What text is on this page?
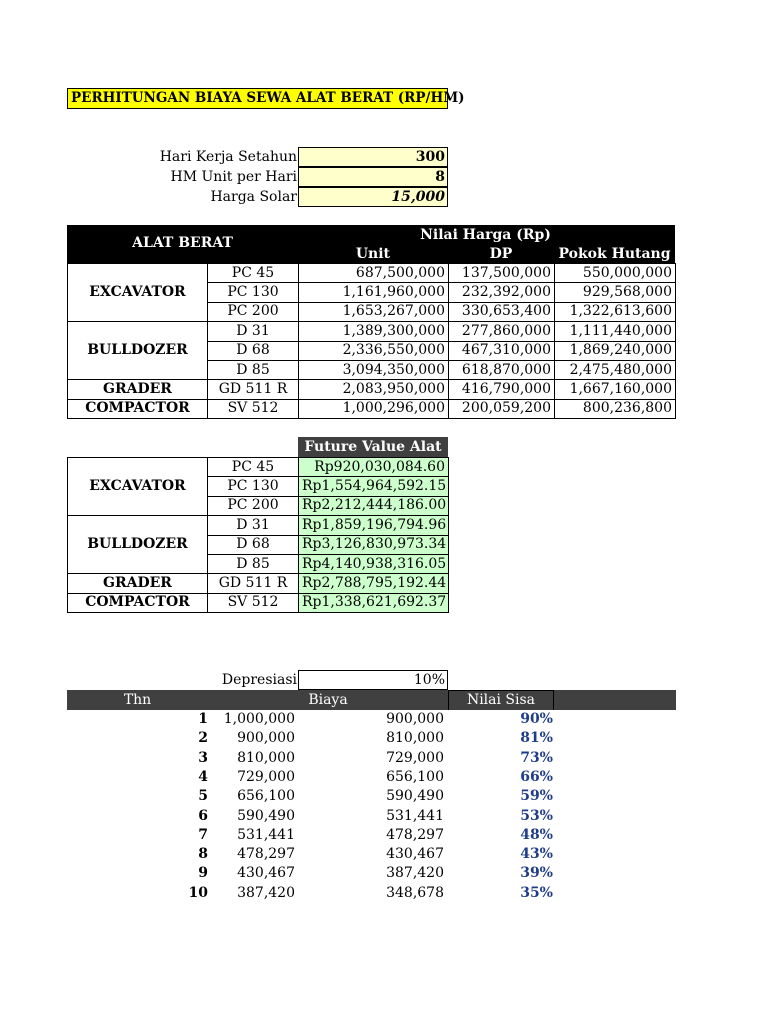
PERHITUNGAN BIAYA SEWA ALAT BERAT (RP/HM)
Hari Kerja Setahun	300
HM Unit per Hari	8
Harga Solar	15,000
ALAT BERAT	Nilai Harga (Rp)
Unit	DP	Pokok Hutang
EXCAVATOR	PC 45	687,500,000	137,500,000	550,000,000
	PC 130	1,161,960,000	232,392,000	929,568,000
	PC 200	1,653,267,000	330,653,400	1,322,613,600
BULLDOZER	D 31	1,389,300,000	277,860,000	1,111,440,000
	D 68	2,336,550,000	467,310,000	1,869,240,000
	D 85	3,094,350,000	618,870,000	2,475,480,000
GRADER	GD 511 R	2,083,950,000	416,790,000	1,667,160,000
COMPACTOR	SV 512	1,000,296,000	200,059,200	800,236,800
Future Value Alat
EXCAVATOR	PC 45	Rp920,030,084.60
	PC 130	Rp1,554,964,592.15
	PC 200	Rp2,212,444,186.00
BULLDOZER	D 31	Rp1,859,196,794.96
	D 68	Rp3,126,830,973.34
	D 85	Rp4,140,938,316.05
GRADER	GD 511 R	Rp2,788,795,192.44
COMPACTOR	SV 512	Rp1,338,621,692.37
Depresiasi	10%
Thn	Biaya	Nilai Sisa
1	1,000,000	900,000	90%
2	900,000	810,000	81%
3	810,000	729,000	73%
4	729,000	656,100	66%
5	656,100	590,490	59%
6	590,490	531,441	53%
7	531,441	478,297	48%
8	478,297	430,467	43%
9	430,467	387,420	39%
10	387,420	348,678	35%
